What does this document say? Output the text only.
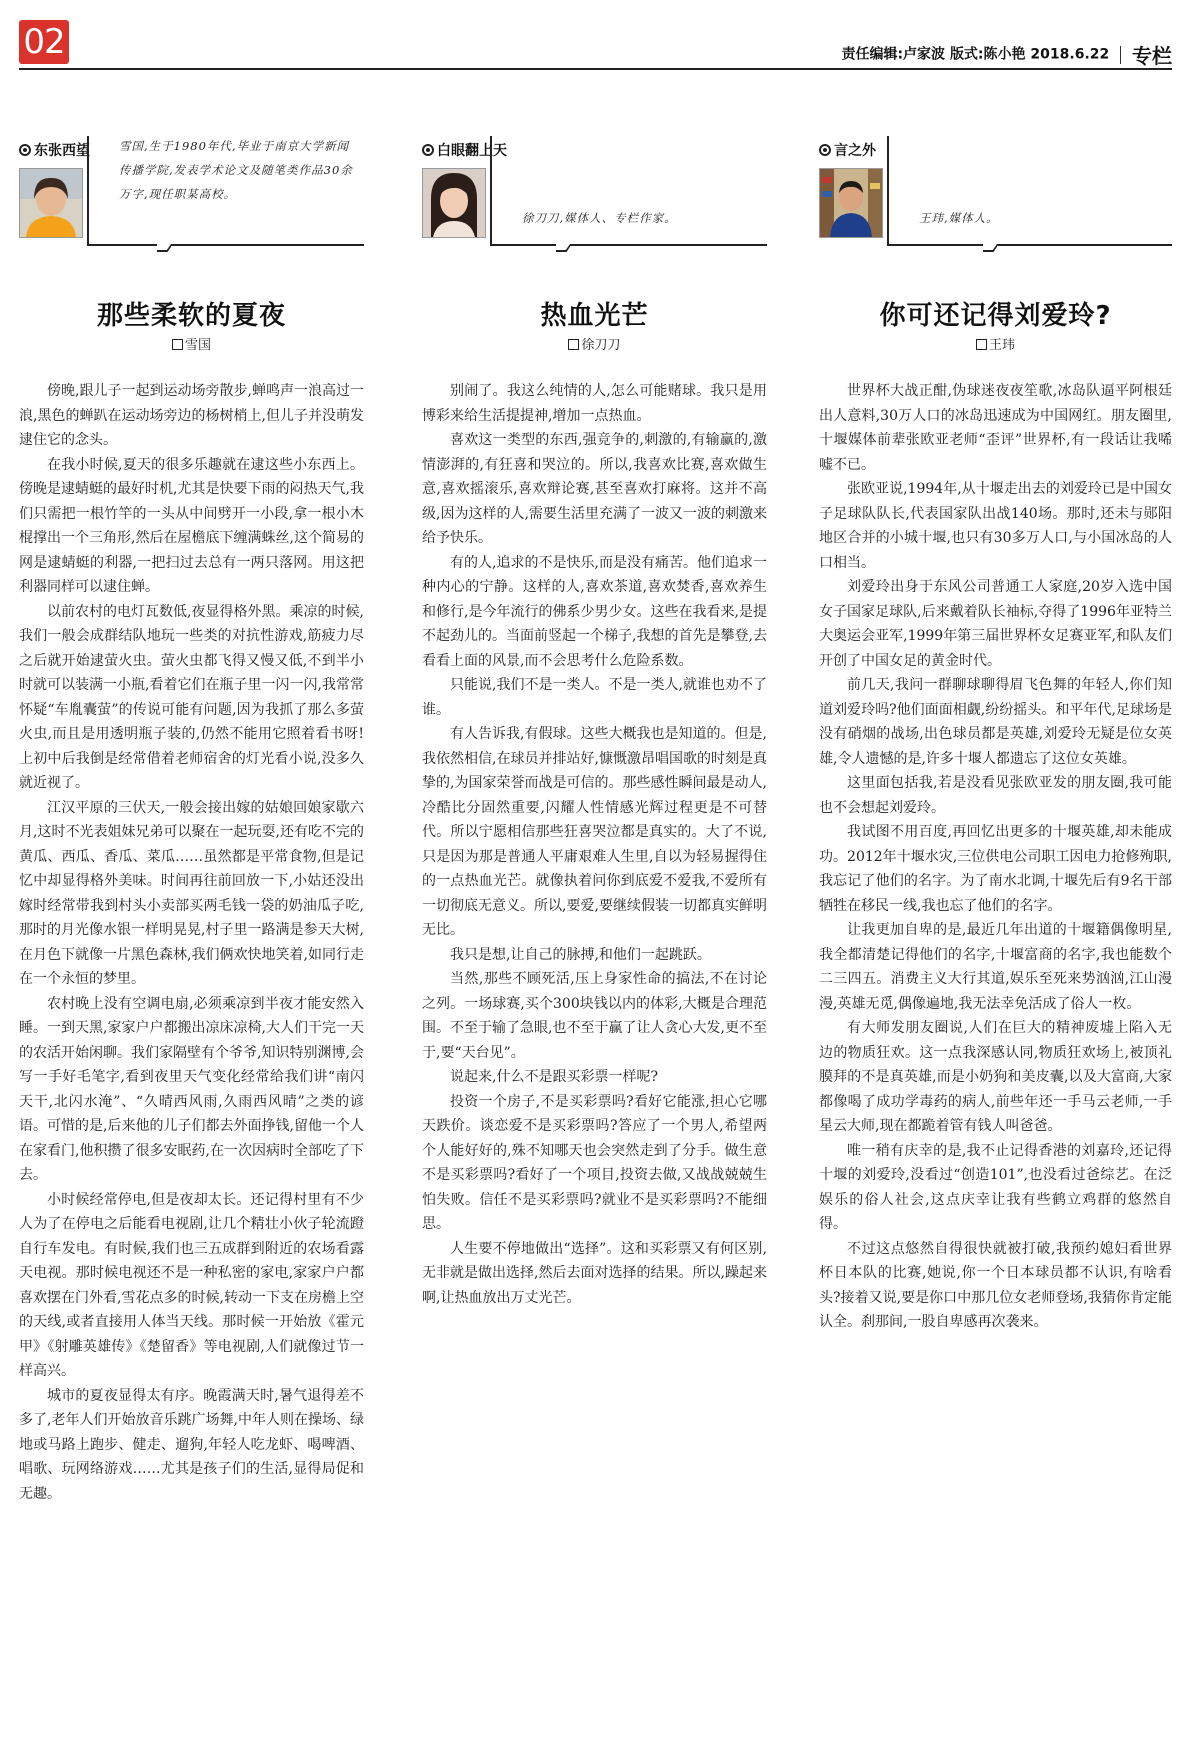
02	责任编辑:卢家波 版式:陈小艳 2018.6.22 专栏
东张西望	雪国,生于1980年代,毕业于南京大学新闻传播学院,发表学术论文及随笔类作品30余万字,现任职某高校。
那些柔软的夏夜
雪国

傍晚,跟儿子一起到运动场旁散步,蝉鸣声一浪高过一浪,黑色的蝉趴在运动场旁边的杨树梢上,但儿子并没萌发逮住它的念头。

在我小时候,夏天的很多乐趣就在逮这些小东西上。傍晚是逮蜻蜓的最好时机,尤其是快要下雨的闷热天气,我们只需把一根竹竿的一头从中间劈开一小段,拿一根小木棍撑出一个三角形,然后在屋檐底下缠满蛛丝,这个简易的网是逮蜻蜓的利器,一把扫过去总有一两只落网。用这把利器同样可以逮住蝉。

以前农村的电灯瓦数低,夜显得格外黑。乘凉的时候,我们一般会成群结队地玩一些类的对抗性游戏,筋疲力尽之后就开始逮萤火虫。萤火虫都飞得又慢又低,不到半小时就可以装满一小瓶,看着它们在瓶子里一闪一闪,我常常怀疑“车胤囊萤”的传说可能有问题,因为我抓了那么多萤火虫,而且是用透明瓶子装的,仍然不能用它照着看书呀!上初中后我倒是经常借着老师宿舍的灯光看小说,没多久就近视了。

江汉平原的三伏天,一般会接出嫁的姑娘回娘家歇六月,这时不光表姐妹兄弟可以聚在一起玩耍,还有吃不完的黄瓜、西瓜、香瓜、菜瓜……虽然都是平常食物,但是记忆中却显得格外美味。时间再往前回放一下,小姑还没出嫁时经常带我到村头小卖部买两毛钱一袋的奶油瓜子吃,那时的月光像水银一样明晃晃,村子里一路满是参天大树,在月色下就像一片黑色森林,我们俩欢快地笑着,如同行走在一个永恒的梦里。

农村晚上没有空调电扇,必须乘凉到半夜才能安然入睡。一到天黑,家家户户都搬出凉床凉椅,大人们干完一天的农活开始闲聊。我们家隔壁有个爷爷,知识特别渊博,会写一手好毛笔字,看到夜里天气变化经常给我们讲“南闪天干,北闪水淹”、“久晴西风雨,久雨西风晴”之类的谚语。可惜的是,后来他的儿子们都去外面挣钱,留他一个人在家看门,他积攒了很多安眠药,在一次因病时全部吃了下去。

小时候经常停电,但是夜却太长。还记得村里有不少人为了在停电之后能看电视剧,让几个精壮小伙子轮流蹬自行车发电。有时候,我们也三五成群到附近的农场看露天电视。那时候电视还不是一种私密的家电,家家户户都喜欢摆在门外看,雪花点多的时候,转动一下支在房檐上空的天线,或者直接用人体当天线。那时候一开始放《霍元甲》《射雕英雄传》《楚留香》等电视剧,人们就像过节一样高兴。

城市的夏夜显得太有序。晚霞满天时,暑气退得差不多了,老年人们开始放音乐跳广场舞,中年人则在操场、绿地或马路上跑步、健走、遛狗,年轻人吃龙虾、喝啤酒、唱歌、玩网络游戏……尤其是孩子们的生活,显得局促和无趣。

白眼翻上天
徐刀刀,媒体人、专栏作家。
热血光芒
徐刀刀

别闹了。我这么纯情的人,怎么可能赌球。我只是用博彩来给生活提提神,增加一点热血。

喜欢这一类型的东西,强竞争的,刺激的,有输赢的,激情澎湃的,有狂喜和哭泣的。所以,我喜欢比赛,喜欢做生意,喜欢摇滚乐,喜欢辩论赛,甚至喜欢打麻将。这并不高级,因为这样的人,需要生活里充满了一波又一波的刺激来给予快乐。

有的人,追求的不是快乐,而是没有痛苦。他们追求一种内心的宁静。这样的人,喜欢茶道,喜欢焚香,喜欢养生和修行,是今年流行的佛系少男少女。这些在我看来,是提不起劲儿的。当面前竖起一个梯子,我想的首先是攀登,去看看上面的风景,而不会思考什么危险系数。

只能说,我们不是一类人。不是一类人,就谁也劝不了谁。

有人告诉我,有假球。这些大概我也是知道的。但是,我依然相信,在球员并排站好,慷慨激昂唱国歌的时刻是真挚的,为国家荣誉而战是可信的。那些感性瞬间最是动人,冷酷比分固然重要,闪耀人性情感光辉过程更是不可替代。所以宁愿相信那些狂喜哭泣都是真实的。大了不说,只是因为那是普通人平庸艰难人生里,自以为轻易握得住的一点热血光芒。就像执着问你到底爱不爱我,不爱所有一切彻底无意义。所以,要爱,要继续假装一切都真实鲜明无比。

我只是想,让自己的脉搏,和他们一起跳跃。

当然,那些不顾死活,压上身家性命的搞法,不在讨论之列。一场球赛,买个300块钱以内的体彩,大概是合理范围。不至于输了急眼,也不至于赢了让人贪心大发,更不至于,要“天台见”。

说起来,什么不是跟买彩票一样呢?

投资一个房子,不是买彩票吗?看好它能涨,担心它哪天跌价。谈恋爱不是买彩票吗?答应了一个男人,希望两个人能好好的,殊不知哪天也会突然走到了分手。做生意不是买彩票吗?看好了一个项目,投资去做,又战战兢兢生怕失败。信任不是买彩票吗?就业不是买彩票吗?不能细思。

人生要不停地做出“选择”。这和买彩票又有何区别,无非就是做出选择,然后去面对选择的结果。所以,躁起来啊,让热血放出万丈光芒。

言之外
王玮,媒体人。
你可还记得刘爱玲?
王玮

世界杯大战正酣,伪球迷夜夜笙歌,冰岛队逼平阿根廷出人意料,30万人口的冰岛迅速成为中国网红。朋友圈里,十堰媒体前辈张欧亚老师“歪评”世界杯,有一段话让我唏嘘不已。

张欧亚说,1994年,从十堰走出去的刘爱玲已是中国女子足球队队长,代表国家队出战140场。那时,还未与郧阳地区合并的小城十堰,也只有30多万人口,与小国冰岛的人口相当。

刘爱玲出身于东风公司普通工人家庭,20岁入选中国女子国家足球队,后来戴着队长袖标,夺得了1996年亚特兰大奥运会亚军,1999年第三届世界杯女足赛亚军,和队友们开创了中国女足的黄金时代。

前几天,我问一群聊球聊得眉飞色舞的年轻人,你们知道刘爱玲吗?他们面面相觑,纷纷摇头。和平年代,足球场是没有硝烟的战场,出色球员都是英雄,刘爱玲无疑是位女英雄,令人遗憾的是,许多十堰人都遗忘了这位女英雄。

这里面包括我,若是没看见张欧亚发的朋友圈,我可能也不会想起刘爱玲。

我试图不用百度,再回忆出更多的十堰英雄,却未能成功。2012年十堰水灾,三位供电公司职工因电力抢修殉职,我忘记了他们的名字。为了南水北调,十堰先后有9名干部牺牲在移民一线,我也忘了他们的名字。

让我更加自卑的是,最近几年出道的十堰籍偶像明星,我全都清楚记得他们的名字,十堰富商的名字,我也能数个二三四五。消费主义大行其道,娱乐至死来势汹汹,江山漫漫,英雄无觅,偶像遍地,我无法幸免活成了俗人一枚。

有大师发朋友圈说,人们在巨大的精神废墟上陷入无边的物质狂欢。这一点我深感认同,物质狂欢场上,被顶礼膜拜的不是真英雄,而是小奶狗和美皮囊,以及大富商,大家都像喝了成功学毒药的病人,前些年还一手马云老师,一手星云大师,现在都跪着管有钱人叫爸爸。

唯一稍有庆幸的是,我不止记得香港的刘嘉玲,还记得十堰的刘爱玲,没看过“创造101”,也没看过爸综艺。在泛娱乐的俗人社会,这点庆幸让我有些鹤立鸡群的悠然自得。

不过这点悠然自得很快就被打破,我预约媳妇看世界杯日本队的比赛,她说,你一个日本球员都不认识,有啥看头?接着又说,要是你口中那几位女老师登场,我猜你肯定能认全。刹那间,一股自卑感再次袭来。
